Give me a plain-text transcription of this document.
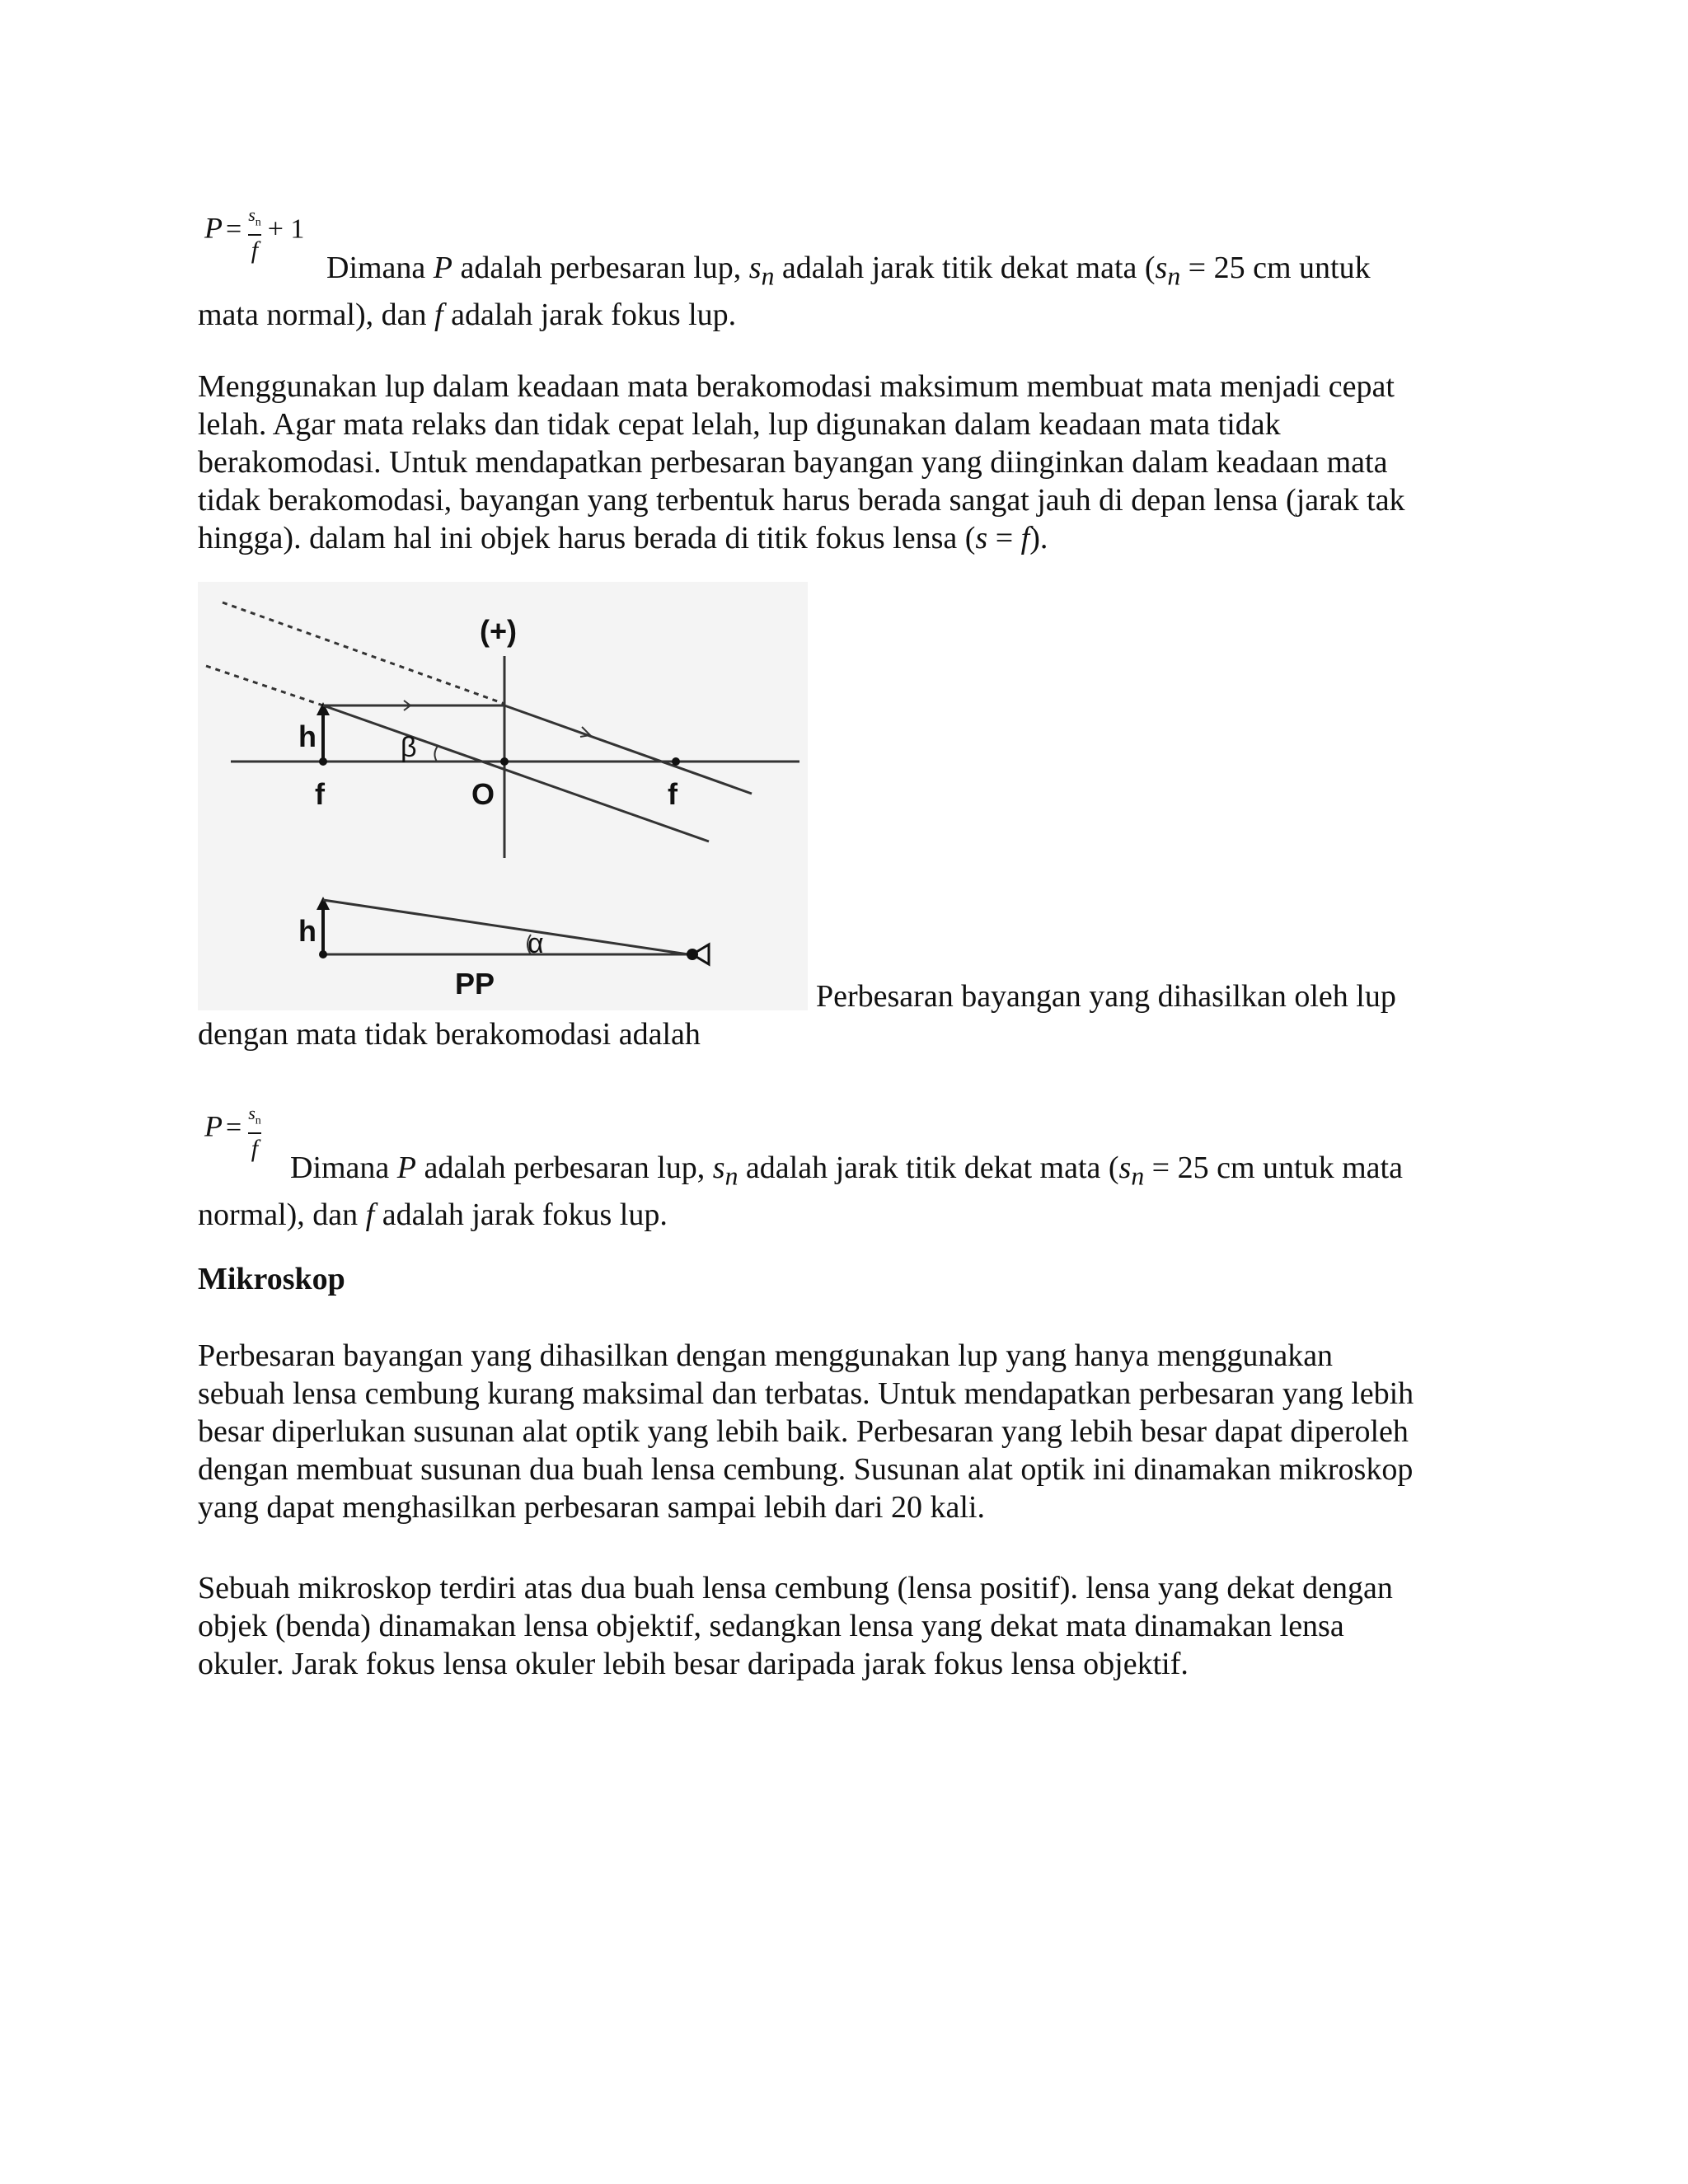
$P = \frac{s_n}{f} + 1$
Dimana P adalah perbesaran lup, $s_n$ adalah jarak titik dekat mata ($s_n = 25$ cm untuk
mata normal), dan f adalah jarak fokus lup.
Menggunakan lup dalam keadaan mata berakomodasi maksimum membuat mata menjadi cepat
lelah. Agar mata relaks dan tidak cepat lelah, lup digunakan dalam keadaan mata tidak
berakomodasi. Untuk mendapatkan perbesaran bayangan yang diinginkan dalam keadaan mata
tidak berakomodasi, bayangan yang terbentuk harus berada sangat jauh di depan lensa (jarak tak
hingga). dalam hal ini objek harus berada di titik fokus lensa (s = f).
(+)
h	β
f	O	f
h	α
PP	Perbesaran bayangan yang dihasilkan oleh lup
dengan mata tidak berakomodasi adalah
$P = \frac{s_n}{f}$
Dimana P adalah perbesaran lup, $s_n$ adalah jarak titik dekat mata ($s_n = 25$ cm untuk mata
normal), dan f adalah jarak fokus lup.
Mikroskop
Perbesaran bayangan yang dihasilkan dengan menggunakan lup yang hanya menggunakan
sebuah lensa cembung kurang maksimal dan terbatas. Untuk mendapatkan perbesaran yang lebih
besar diperlukan susunan alat optik yang lebih baik. Perbesaran yang lebih besar dapat diperoleh
dengan membuat susunan dua buah lensa cembung. Susunan alat optik ini dinamakan mikroskop
yang dapat menghasilkan perbesaran sampai lebih dari 20 kali.
Sebuah mikroskop terdiri atas dua buah lensa cembung (lensa positif). lensa yang dekat dengan
objek (benda) dinamakan lensa objektif, sedangkan lensa yang dekat mata dinamakan lensa
okuler. Jarak fokus lensa okuler lebih besar daripada jarak fokus lensa objektif.
